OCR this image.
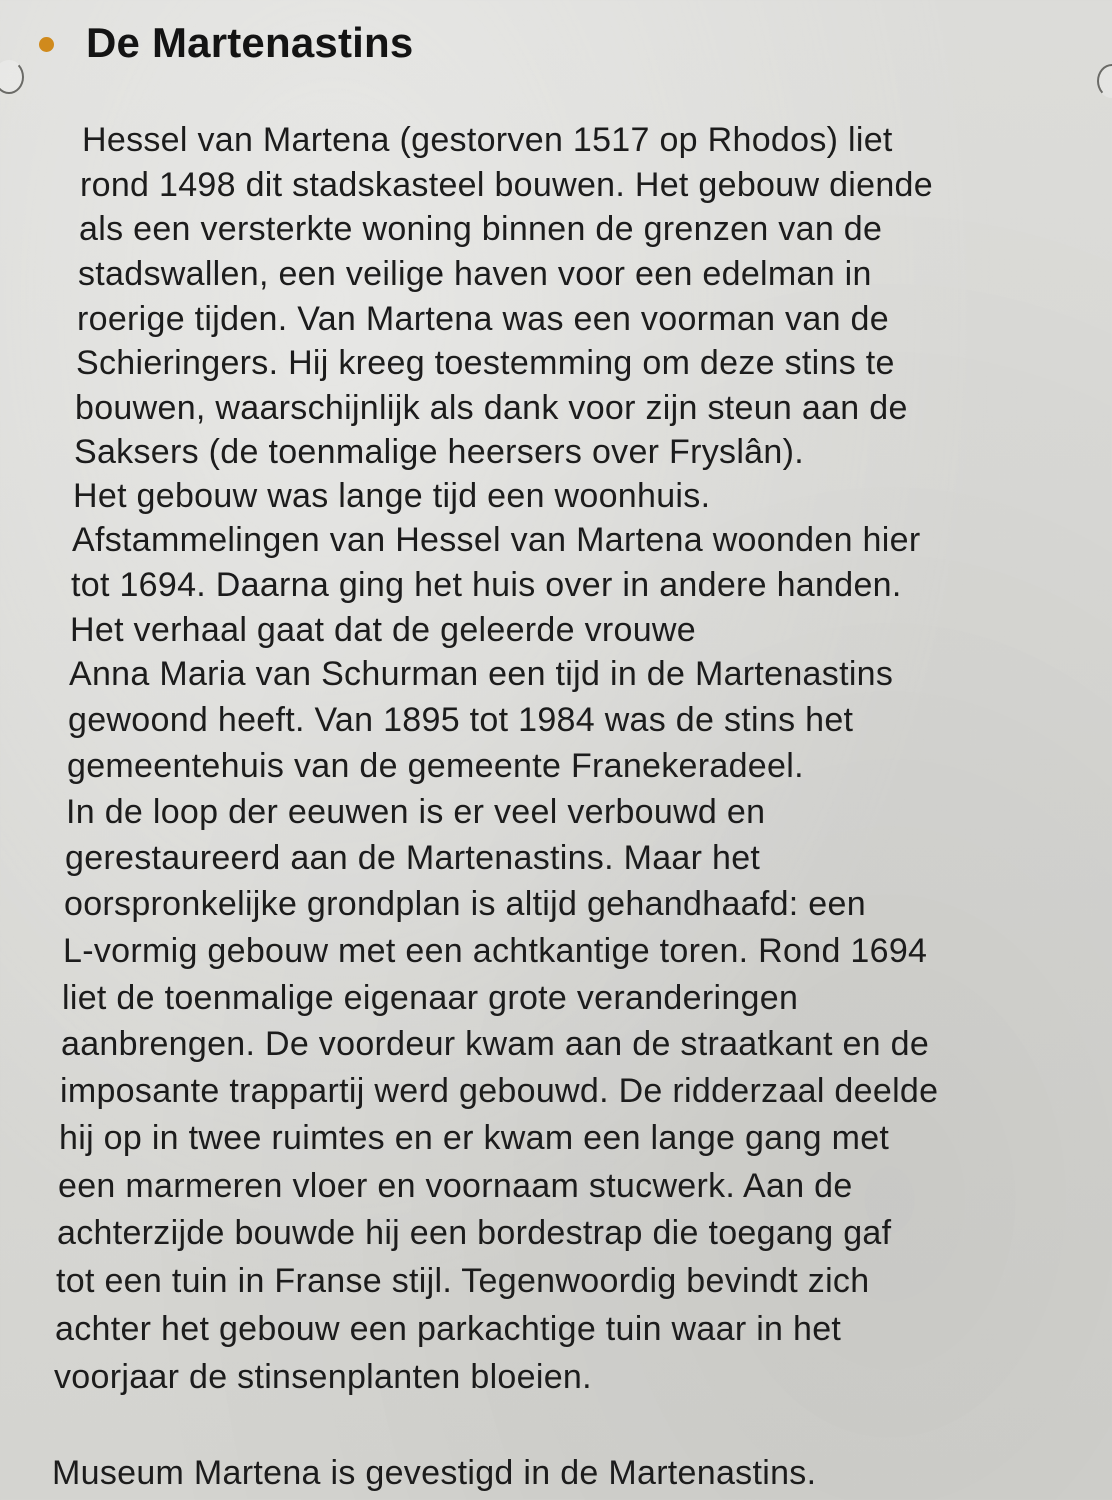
De Martenastins
Hessel van Martena (gestorven 1517 op Rhodos) liet
rond 1498 dit stadskasteel bouwen. Het gebouw diende
als een versterkte woning binnen de grenzen van de
stadswallen, een veilige haven voor een edelman in
roerige tijden. Van Martena was een voorman van de
Schieringers. Hij kreeg toestemming om deze stins te
bouwen, waarschijnlijk als dank voor zijn steun aan de
Saksers (de toenmalige heersers over Fryslân).
Het gebouw was lange tijd een woonhuis.
Afstammelingen van Hessel van Martena woonden hier
tot 1694. Daarna ging het huis over in andere handen.
Het verhaal gaat dat de geleerde vrouwe
Anna Maria van Schurman een tijd in de Martenastins
gewoond heeft. Van 1895 tot 1984 was de stins het
gemeentehuis van de gemeente Franekeradeel.
In de loop der eeuwen is er veel verbouwd en
gerestaureerd aan de Martenastins. Maar het
oorspronkelijke grondplan is altijd gehandhaafd: een
L-vormig gebouw met een achtkantige toren. Rond 1694
liet de toenmalige eigenaar grote veranderingen
aanbrengen. De voordeur kwam aan de straatkant en de
imposante trappartij werd gebouwd. De ridderzaal deelde
hij op in twee ruimtes en er kwam een lange gang met
een marmeren vloer en voornaam stucwerk. Aan de
achterzijde bouwde hij een bordestrap die toegang gaf
tot een tuin in Franse stijl. Tegenwoordig bevindt zich
achter het gebouw een parkachtige tuin waar in het
voorjaar de stinsenplanten bloeien.
Museum Martena is gevestigd in de Martenastins.
